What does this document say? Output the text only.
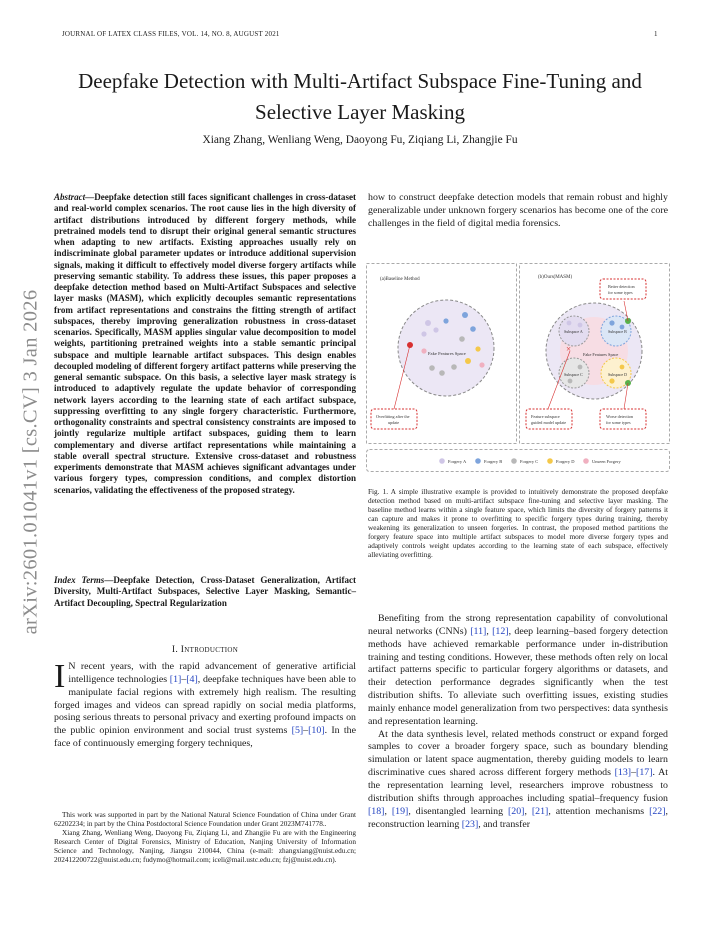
JOURNAL OF LATEX CLASS FILES, VOL. 14, NO. 8, AUGUST 2021	1
arXiv:2601.01041v1 [cs.CV] 3 Jan 2026
Deepfake Detection with Multi-Artifact Subspace Fine-Tuning and Selective Layer Masking
Xiang Zhang, Wenliang Weng, Daoyong Fu, Ziqiang Li, Zhangjie Fu
Abstract—Deepfake detection still faces significant challenges in cross-dataset and real-world complex scenarios. The root cause lies in the high diversity of artifact distributions introduced by different forgery methods, while pretrained models tend to disrupt their original general semantic structures when adapting to new artifacts. Existing approaches usually rely on indiscriminate global parameter updates or introduce additional supervision signals, making it difficult to effectively model diverse forgery artifacts while preserving semantic stability. To address these issues, this paper proposes a deepfake detection method based on Multi-Artifact Subspaces and selective layer masks (MASM), which explicitly decouples semantic representations from artifact representations and constrains the fitting strength of artifact subspaces, thereby improving generalization robustness in cross-dataset scenarios. Specifically, MASM applies singular value decomposition to model weights, partitioning pretrained weights into a stable semantic principal subspace and multiple learnable artifact subspaces. This design enables decoupled modeling of different forgery artifact patterns while preserving the general semantic subspace. On this basis, a selective layer mask strategy is introduced to adaptively regulate the update behavior of corresponding network layers according to the learning state of each artifact subspace, suppressing overfitting to any single forgery characteristic. Furthermore, orthogonality constraints and spectral consistency constraints are imposed to jointly regularize multiple artifact subspaces, guiding them to learn complementary and diverse artifact representations while maintaining a stable overall spectral structure. Extensive cross-dataset and robustness experiments demonstrate that MASM achieves significant advantages under various forgery types, compression conditions, and complex distortion scenarios, validating the effectiveness of the proposed strategy.
Index Terms—Deepfake Detection, Cross-Dataset Generalization, Artifact Diversity, Multi-Artifact Subspaces, Selective Layer Masking, Semantic–Artifact Decoupling, Spectral Regularization
I. Introduction
I N recent years, with the rapid advancement of generative artificial intelligence technologies [1]–[4], deepfake techniques have been able to manipulate facial regions with extremely high realism. The resulting forged images and videos can spread rapidly on social media platforms, posing serious threats to personal privacy and exerting profound impacts on the public opinion environment and social trust systems [5]–[10]. In the face of continuously emerging forgery techniques,

This work was supported in part by the National Natural Science Foundation of China under Grant 62202234; in part by the China Postdoctoral Science Foundation under Grant 2023M741778..

Xiang Zhang, Wenliang Weng, Daoyong Fu, Ziqiang Li, and Zhangjie Fu are with the Engineering Research Center of Digital Forensics, Ministry of Education, Nanjing University of Information Science and Technology, Nanjing, Jiangsu 210044, China (e-mail: zhangxiang@nuist.edu.cn; 202412200722@nuist.edu.cn; fudymo@hotmail.com; iceli@mail.ustc.edu.cn; fzj@nuist.edu.cn).

how to construct deepfake detection models that remain robust and highly generalizable under unknown forgery scenarios has become one of the core challenges in the field of digital media forensics.
(a)Baseline Method	(b)Ours(MASM)
Fake Features Space
Overfitting after the
update
Fake Features Space
Subspace A	Subspace B
Subspace C	Subspace D
×
Better detection
for some types
Feature subspace
guided model update
Worse detection
for some types
Forgery A	Forgery B	Forgery C	Forgery D	Unseen Forgery
Fig. 1. A simple illustrative example is provided to intuitively demonstrate the proposed deepfake detection method based on multi-artifact subspace fine-tuning and selective layer masking. The baseline method learns within a single feature space, which limits the diversity of forgery patterns it can capture and makes it prone to overfitting to specific forgery types during training, thereby weakening its generalization to unseen forgeries. In contrast, the proposed method partitions the forgery feature space into multiple artifact subspaces to model more diverse forgery types and adaptively controls weight updates according to the learning state of each subspace, effectively alleviating overfitting.

Benefiting from the strong representation capability of convolutional neural networks (CNNs) [11], [12], deep learning–based forgery detection methods have achieved remarkable performance under in-distribution training and testing conditions. However, these methods often rely on local artifact patterns specific to particular forgery algorithms or datasets, and their detection performance degrades significantly when the test distribution shifts. To alleviate such overfitting issues, existing studies mainly enhance model generalization from two perspectives: data synthesis and representation learning.

At the data synthesis level, related methods construct or expand forged samples to cover a broader forgery space, such as boundary blending simulation or latent space augmentation, thereby guiding models to learn discriminative cues shared across different forgery methods [13]–[17]. At the representation learning level, researchers improve robustness to distribution shifts through approaches including spatial–frequency fusion [18], [19], disentangled learning [20], [21], attention mechanisms [22], reconstruction learning [23], and transfer
